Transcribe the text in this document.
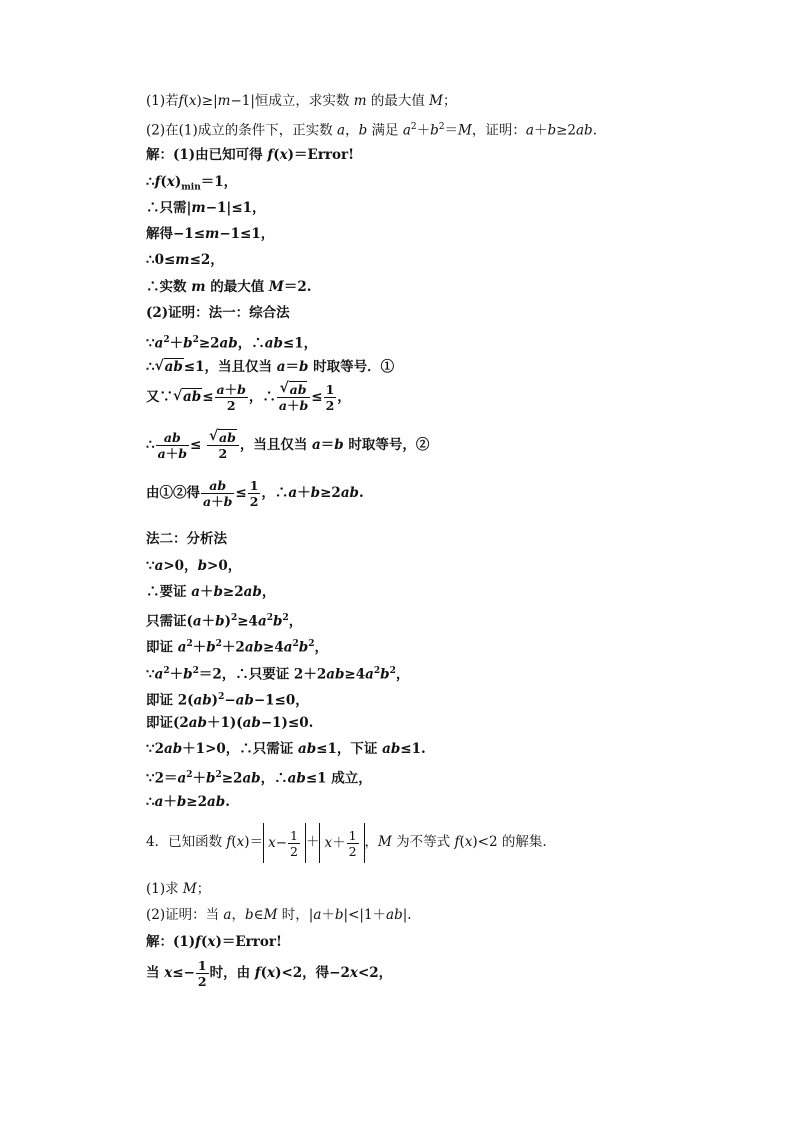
(1)若f(x)≥|m−1|恒成立，求实数 m 的最大值 M；
(2)在(1)成立的条件下，正实数 a，b 满足 $a^2+b^2=M$，证明：a＋b≥2ab.
解：(1)由已知可得 f(x)＝Error!
$\therefore f(x)_{min}=1$，
∴只需|m−1|≤1，
解得−1≤m−1≤1，
∴0≤m≤2，
∴实数 m 的最大值 M＝2.
(2)证明：法一：综合法
$\because a^2+b^2\ge 2ab$，∴ab≤1，
∴ √ ab≤1，当且仅当 a＝b 时取等号．①
又∵ √ $ab\le \frac{a+b}{2}$ ，∴ √ $\frac{ab}{a+b} \le \frac{1}{2}$ ，
∴ $\frac{ab}{a+b}$ ≤ √ $\frac{ab}{2}$ ，当且仅当 a＝b 时取等号，②
由①②得 $\frac{ab}{a+b} \le \frac{1}{2}$ ，∴a＋b≥2ab.
法二：分析法
∵a>0，b>0，
∴要证 a＋b≥2ab，
只需证$(a+b)^2\ge 4a^2b^2$，
即证 $a^2+b^2+2ab\ge 4a^2b^2$，
$\because a^2+b^2=2$，∴只要证 $2+2ab\ge 4a^2b^2$，
即证 2(ab)$^2$−ab−1≤0，
即证(2ab＋1)(ab−1)≤0.
∵2ab＋1>0，∴只需证 ab≤1，下证 ab≤1.
$\because 2=a^2+b^2\ge 2ab$，∴ab≤1 成立，
∴a＋b≥2ab.
4．已知函数 $f(x)= x- \frac{1}{2} + x+ \frac{1}{2}$ ，M 为不等式 f(x)<2 的解集.
(1)求 M；
(2)证明：当 a，b∈M 时，|a＋b|<|1＋ab|.
解：(1)f(x)＝Error!
当 $x\le- \frac{1}{2}$ 时，由 f(x)<2，得−2x<2，
